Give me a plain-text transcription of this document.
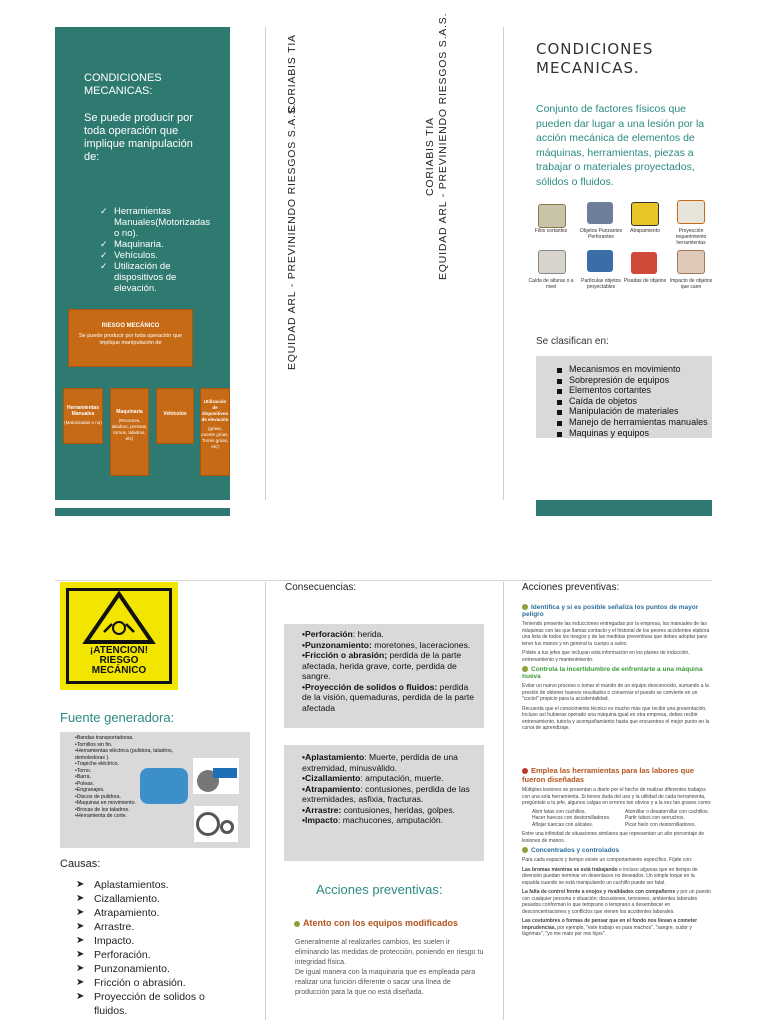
CONDICIONES
MECANICAS:
Se puede producir por toda operación que implique manipulación de:
✓ Herramientas Manuales(Motorizadas o no).
✓ Maquinaria.
✓ Vehículos.
✓ Utilización de dispositivos de elevación.
RIESGO MECÁNICO
Se puede producir por toda operación que implique manipulación de
Herramientas Manuales
(Motorizadas o no)
Maquinaria
(Recsores, taladros, prensas, tornos, taladros, etc)
Vehículos
Utilización de dispositivos de elevación
(grúas, puente grúas, Torres grúas, etc)
EQUIDAD ARL - PREVINIENDO RIESGOS S.A.S.
CORIABIS TIA
CORIABIS TIA EQUIDAD ARL - PREVINIENDO RIESGOS S.A.S.	CONDICIONES
MECANICAS.
Conjunto de factores físicos que pueden dar lugar a una lesión por la acción mecánica de elementos de máquinas, herramientas, piezas a trabajar o materiales proyectados, sólidos o fluidos.
Filos cortantes	Objetos Punzantes Perforantes
Atrapamiento	Proyección requerimiento herramientas
Caída de alturas o a nivel
Partículas objetos proyectables
Pisadas de objetos Impacto de objetos que caen
Se clasifican en:
Mecanismos en movimiento
Sobrepresión de equipos
Elementos cortantes
Caída de objetos
Manipulación de materiales
Manejo de herramientas manuales
Maquinas y equipos
¡ATENCION!
RIESGO
MECÁNICO
Fuente generadora:
•Bandas transportadoras.
•Tornillos sin fin.
•Herramientas eléctrica (pulidora, taladros, demoledoras ).
•Trapiche eléctrico.
•Torno.
•Barra.
•Poleas.
•Engranajes.
•Discos de pulidora.
•Maquinas en movimiento.
•Brocas de los taladros.
•Herramienta de corte.
Causas:
➤ Aplastamientos.
➤ Cizallamiento.
➤ Atrapamiento.
➤ Arrastre.
➤ Impacto.
➤ Perforación.
➤ Punzonamiento.
➤ Fricción o abrasión.
➤ Proyección de solidos o fluidos.
Consecuencias:
•Perforación: herida.
•Punzonamiento: moretones, laceraciones.
•Fricción o abrasión; perdida de la parte afectada, herida grave, corte, perdida de sangre.
•Proyección de solidos o fluidos: perdida de la visión, quemaduras, perdida de la parte afectada
•Aplastamiento: Muerte, perdida de una extremidad, minusválido.
•Cizallamiento: amputación, muerte.
•Atrapamiento: contusiones, perdida de las extremidades, asfixia, fracturas.
•Arrastre: contusiones, heridas, golpes.
•Impacto: machucones, amputación.
Acciones preventivas:
Atento con los equipos modificados
Generalmente al realizarles cambios, les suelen ir eliminando las medidas de protección, poniendo en riesgo tu integridad física.
De igual manera con la maquinaria que es empleada para realizar una función diferente o sacar una línea de producción para la que no está diseñada.
Acciones preventivas:
Identifica y si es posible señaliza los puntos de mayor peligro
Teniendo presente las inducciones entregadas por la empresa, los manuales de las máquinas con las que llamas contacto y el historial de los peores accidentes elabora una lista de todos los riesgos y de las medidas preventivas que debes adoptar para tener tus manos y en general tu cuerpo a salvo.
Pídele a tus jefes que incluyan esta información en los planes de inducción, entrenamiento y mantenimiento.
Controla la incertidumbre de enfrentarte a una máquina nueva
Evitar un nuevo proceso o tomar el mando de un equipo desconocido, sumando a la presión de obtener buenos resultados o conservar el puesto se convierte en un "coctel" propicio para la accidentalidad.
Recuerda que el conocimiento técnico es mucho más que recibir una presentación. Incluso así hubieras operado una máquina igual en otra empresa, debes recibir entrenamiento, tutoría y acompañamiento hasta que encuentres el mejor punto en la curva de aprendizaje.
Emplea las herramientas para las labores que fueron diseñadas
Múltiples lesiones se presentan a diario por el hecho de realizar diferentes trabajos con una sola herramienta. Si tienes duda del uso y la utilidad de cada herramienta, pregúntale a tu jefe, algunos calgas en errores tan obvios y a la vez tan graves como:
Abrir latas con cuchillos.	Atornillar o desatornillar con cuchillos.
Hacer huecos con destornilladores.	Partir tubos con serruchos.
Aflojar tuercas con alicates.	Picar hielo con destornilladores.
Entre una infinidad de situaciones similares que representan un alto porcentaje de lesiones de manos.
Concentrados y controlados
Para cada espacio y tiempo existe un comportamiento específico. Fíjate con:
Las bromas mientras se está trabajando e incluso algunas que en tiempo de diversión puedan terminar en desenlaces no deseados. Un simple toque en la espalda cuando se está manipulando un cuchillo puede ser fatal.
La falta de control frente a enojos y rivalidades con compañeros y por un puesto con cualquier persona o situación: discusiones, tensiones, ambientes laborales pesados conforman lo que temprano o temprano a desembocar en desconcentraciones y conflictos que vienen los accidentes laborales.
Las costumbres o formas de pensar que en el fondo nos llevan a cometer imprudencias, por ejemplo, "este trabajo es para machos", "sangre, sudor y lágrimas", "yo me mato por mis hijos".
